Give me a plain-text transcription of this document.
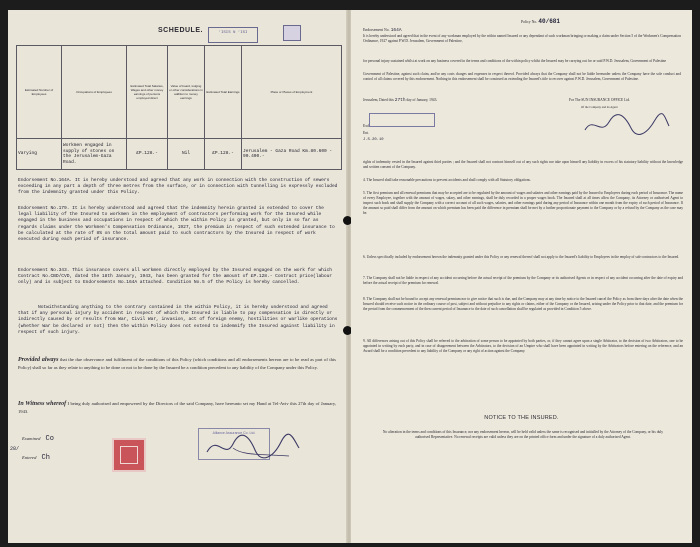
SCHEDULE.	'ISIS N 'ISI
Estimated Number of Employees	Occupations of Employees	Estimated Total Salaries, Wages and other money earnings of persons employed direct	Value of board, lodging or other considerations in addition to money earnings	Estimated Total Earnings	Place or Places of Employment
Varying	Workmen engaged in supply of stones on the Jerusalem-Gaza Road.	£P.128.-	Nil	£P.128.-	Jerusalem - Gaza Road Km.80.600 - 90.400.-
Endorsement No.164A. It is hereby understood and agreed that any work in connection with the construction of sewers exceeding in any part a depth of three metres from the surface, or in connection with tunnelling is expressly excluded from the indemnity granted under this Policy.
Endorsement No.179. It is hereby understood and agreed that the indemnity herein granted is extended to cover the legal liability of the Insured to workmen in the employment of contractors performing work for the Insured while engaged in the business and occupations in respect of which the within Policy is granted, but only in so far as regards claims under the Workmen's Compensation Ordinance, 1927, the premium in respect of such extended insurance to be calculated at the rate of 8% on the total amount paid to such contractors by the Insured in respect of work executed during each period of insurance.
Endorsement No.343. This insurance covers all workmen directly employed by the Insured engaged on the work for which Contract No.CBD/CVD, dated the 18th January, 1943, has been granted for the amount of £P.128.- Contract price(labour only) and is subject to Endorsements No.164A attached. Condition No.5 of the Policy is hereby cancelled.
Notwithstanding anything to the contrary contained in the within Policy, it is hereby understood and agreed that if any personal injury by accident in respect of which the Insured is liable to pay compensation is directly or indirectly caused by or results from War, Civil War, invasion, act of foreign enemy, hostilities or warlike operations (whether War be declared or not) then the within Policy does not extend to indemnify the Insured against liability in respect of such injury.
Provided always that the due observance and fulfilment of the conditions of this Policy (which conditions and all endorsements hereon are to be read as part of this Policy) shall so far as they relate to anything to be done or not to be done by the Insured be a condition precedent to any liability of the Company under this Policy.
In Witness whereof I being duly authorised and empowered by the Directors of the said Company, have hereunto set my Hand at Tel-Aviv this 27th day of January, 1943.
Examined Co
28/
Entered Ch
Alliance Assurance Co. Ltd.
Policy No. 40/681
Endorsement No. 164A
It is hereby understood and agreed that in the event of any workman employed by the within named Insured or any dependant of such workman bringing or making a claim under Section 5 of the Workmen's Compensation Ordinance, 1927 against P.W.D. Jerusalem, Government of Palestine,
for personal injury sustained whilst at work on any business covered in the terms and conditions of the within policy whilst the Insured may be carrying out for or said P.W.D. Jerusalem, Government of Palestine
Government of Palestine, against such claim, and/or any costs charges and expenses in respect thereof. Provided always that the Company shall not be liable hereunder unless the Company have the sole conduct and control of all claims covered by this endorsement. Nothing in this endorsement shall be construed as extending the Insured's title to recover against P.W.D. Jerusalem, Government of Palestine.
Jerusalem, Dated this 27th day of January, 1943.	For The SUN INSURANCE OFFICE Ltd.
Of the Company and its Agent
Exd.
Ent.
J.S.20.10
rights of indemnity vested in the Insured against third parties ; and the Insured shall not contract himself out of any such rights nor take upon himself any liability in excess of his statutory liability without the knowledge and written consent of the Company.
4. The Insured shall take reasonable precautions to prevent accidents and shall comply with all Statutory obligations.
5. The first premium and all renewal premiums that may be accepted are to be regulated by the amount of wages and salaries and other earnings paid by the Insured to Employees during each period of Insurance. The name of every Employee, together with the amount of wages, salary, and other earnings, shall be duly recorded in a proper wages book. The Insured shall at all times allow the Company, its Attorney or authorised Agent to inspect such book and shall supply the Company with a correct account of all such wages, salaries, and other earnings paid during any period of Insurance within one month from the expiry of such period of Insurance. If the amount so paid shall differ from the amount on which premium has been paid the difference in premium shall be met by a further proportionate payment to the Company or by a refund by the Company as the case may be.
6. Unless specifically included by endorsement hereon the indemnity granted under this Policy or any renewal thereof shall not apply to the Insured's liability to Employees in the employ of sub-contractors to the Insured.
7. The Company shall not be liable in respect of any accident occurring before the actual receipt of the premium by the Company or its authorised Agents or in respect of any accident occurring after the date of expiry and before the actual receipt of the premium for renewal.
8. The Company shall not be bound to accept any renewal premium nor to give notice that such is due, and the Company may at any time by notice to the Insured cancel the Policy as from three days after the date when the Insured should receive such notice in the ordinary course of post, subject and without prejudice to any rights or claims, either of the Company or the Insured, arising under the Policy prior to that date, and the premium for the period from the commencement of the then current period of Insurance to the date of such cancellation shall be regulated as provided in Condition 5 above.
9. All differences arising out of this Policy shall be referred to the arbitration of some person to be appointed by both parties, or, if they cannot agree upon a single Arbitrator, to the decision of two Arbitrators, one to be appointed in writing by each party, and in case of disagreement between the Arbitrators, to the decision of an Umpire who shall have been appointed in writing by the Arbitrators before entering on the reference, and an Award shall be a condition precedent to any liability of the Company or any right of action against the Company.
NOTICE TO THE INSURED.
No alteration in the terms and conditions of this Insurance, nor any endorsement hereon, will be held valid unless the same is recognised and initialled by the Attorney of the Company, or his duly authorised Representative. No renewal receipts are valid unless they are on the printed office form and under the signature of a duly authorised Agent.
